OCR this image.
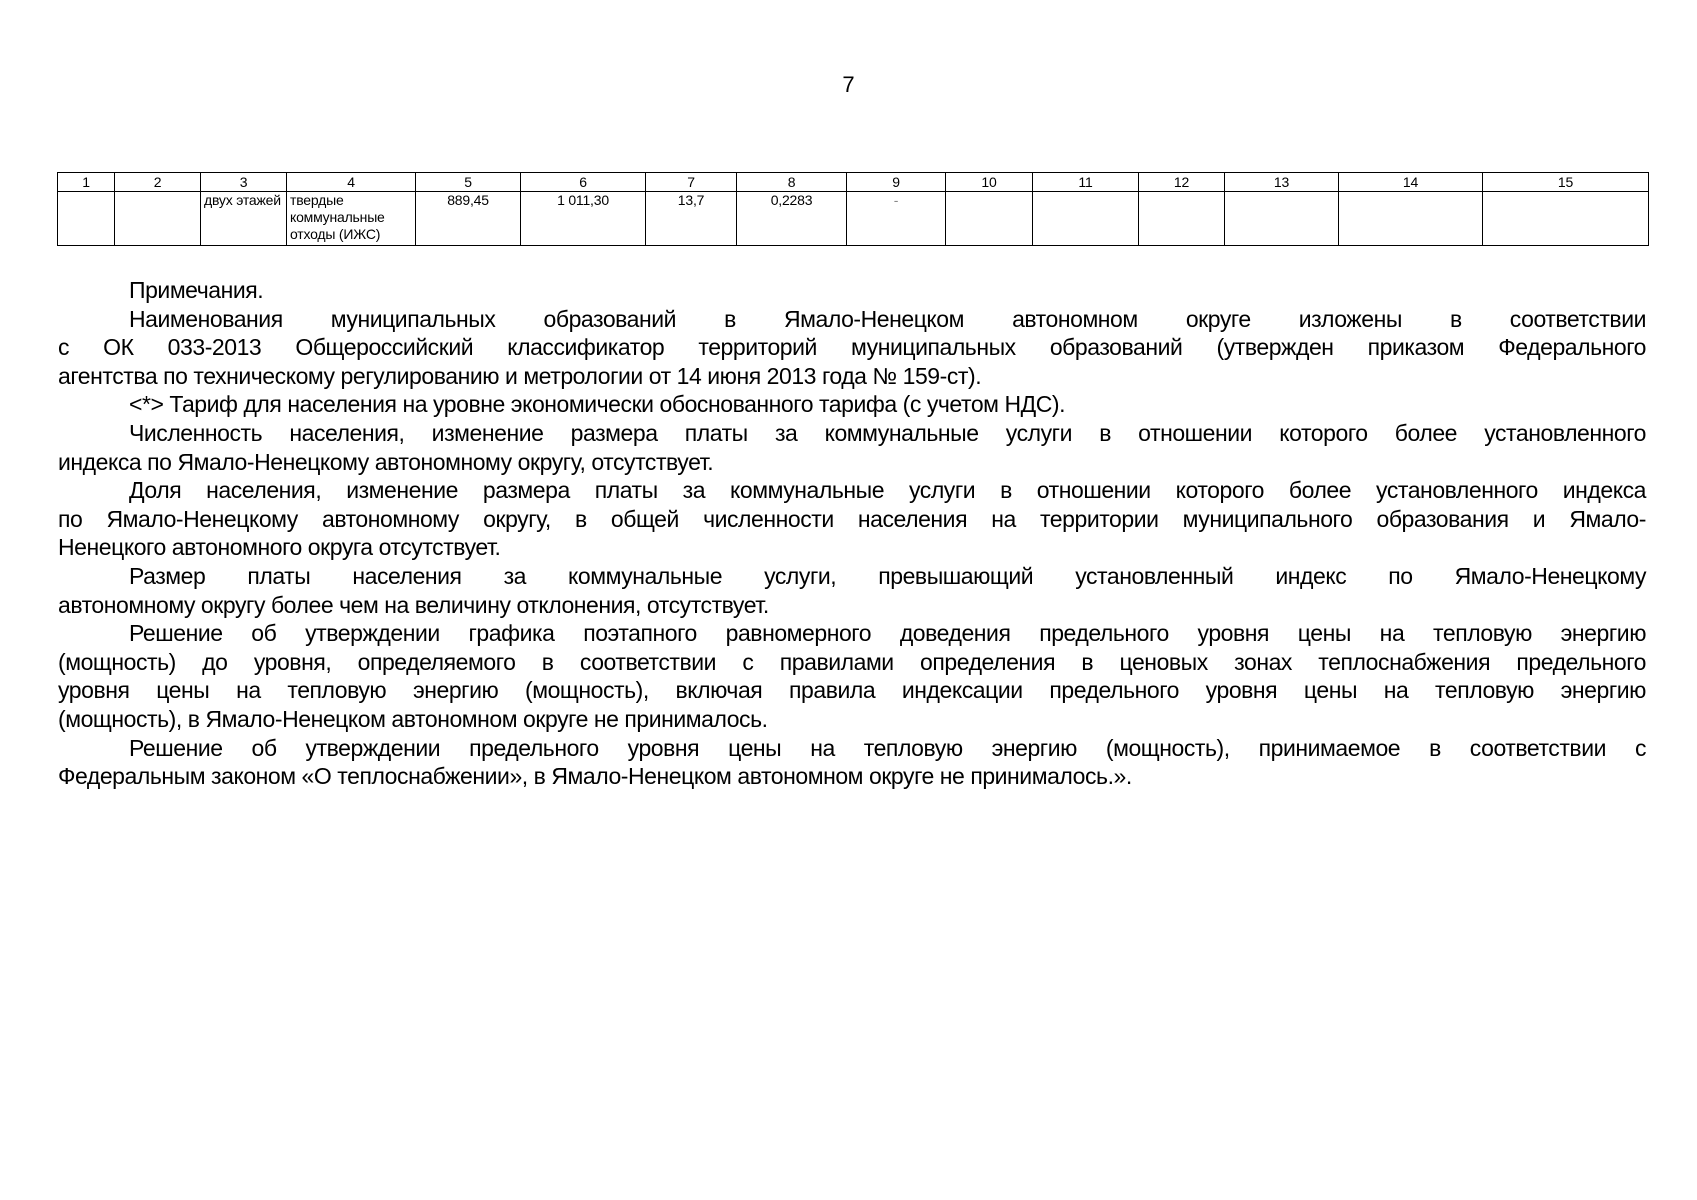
7
1	2	3	4	5	6	7	8	9	10	11	12	13	14	15
		двух этажей	твердые коммунальные отходы (ИЖС)	889,45	1 011,30	13,7	0,2283	-						
Примечания.
Наименования муниципальных образований в Ямало-Ненецком автономном округе изложены в соответствии
с ОК 033-2013 Общероссийский классификатор территорий муниципальных образований (утвержден приказом Федерального
агентства по техническому регулированию и метрологии от 14 июня 2013 года № 159-ст).
<*> Тариф для населения на уровне экономически обоснованного тарифа (с учетом НДС).
Численность населения, изменение размера платы за коммунальные услуги в отношении которого более установленного
индекса по Ямало-Ненецкому автономному округу, отсутствует.
Доля населения, изменение размера платы за коммунальные услуги в отношении которого более установленного индекса
по Ямало-Ненецкому автономному округу, в общей численности населения на территории муниципального образования и Ямало-
Ненецкого автономного округа отсутствует.
Размер платы населения за коммунальные услуги, превышающий установленный индекс по Ямало-Ненецкому
автономному округу более чем на величину отклонения, отсутствует.
Решение об утверждении графика поэтапного равномерного доведения предельного уровня цены на тепловую энергию
(мощность) до уровня, определяемого в соответствии с правилами определения в ценовых зонах теплоснабжения предельного
уровня цены на тепловую энергию (мощность), включая правила индексации предельного уровня цены на тепловую энергию
(мощность), в Ямало-Ненецком автономном округе не принималось.
Решение об утверждении предельного уровня цены на тепловую энергию (мощность), принимаемое в соответствии с
Федеральным законом «О теплоснабжении», в Ямало-Ненецком автономном округе не принималось.».
